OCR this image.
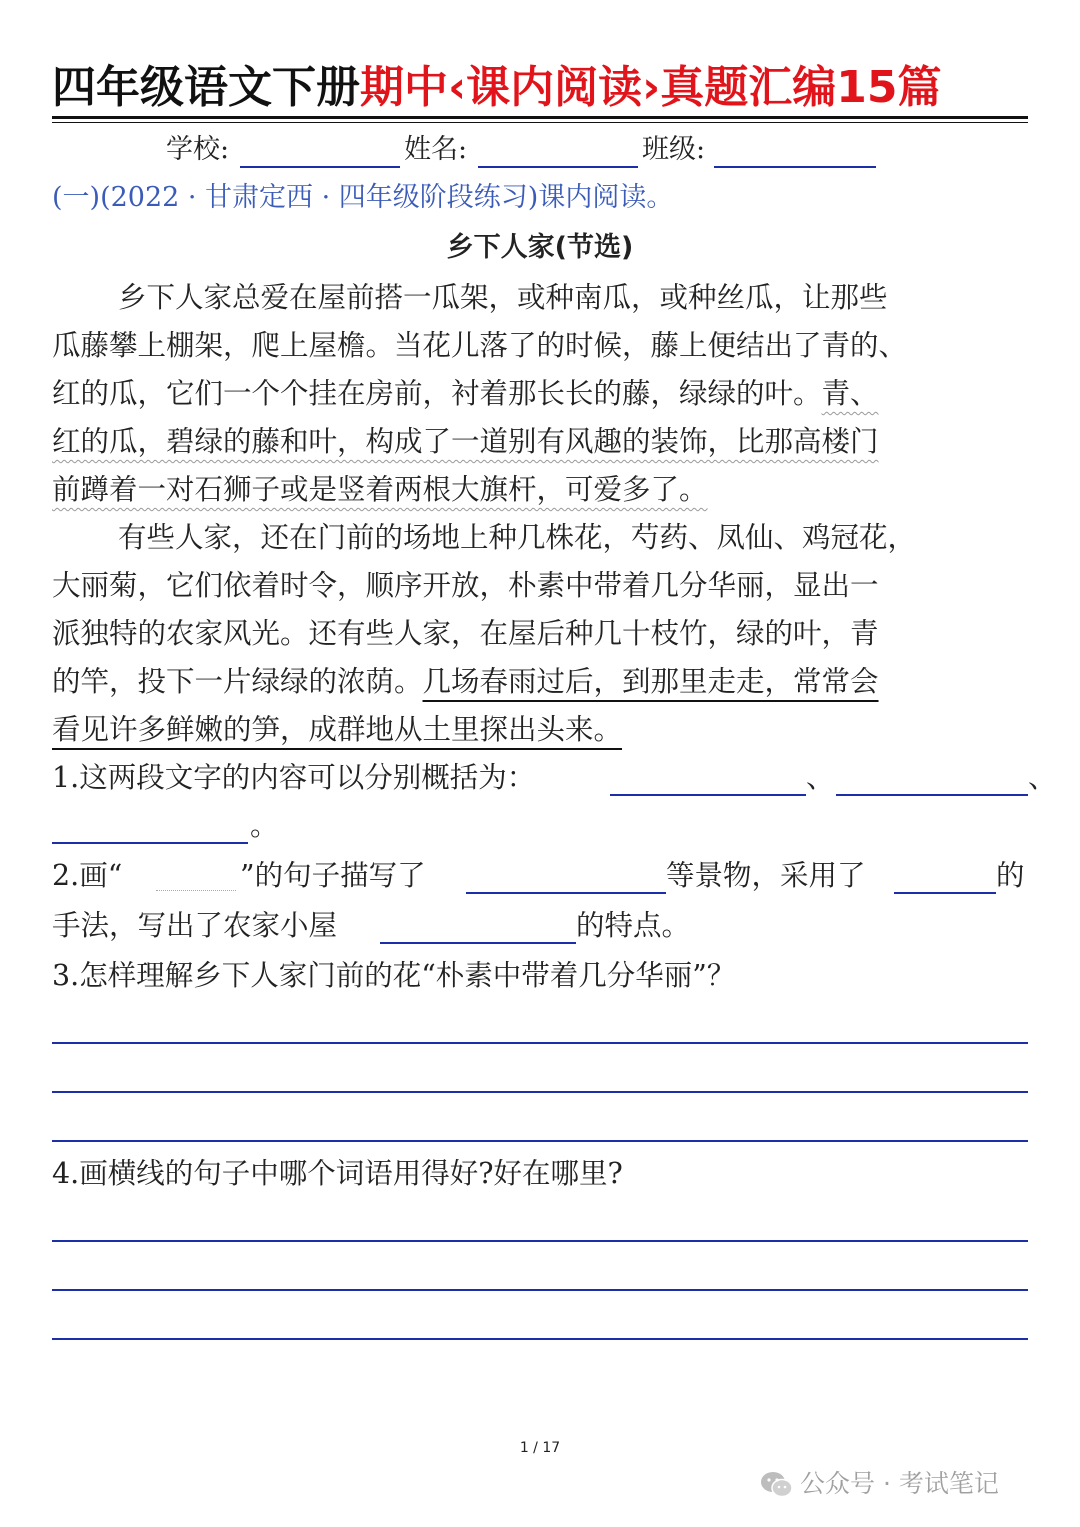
四年级语文下册期中‹课内阅读›真题汇编15篇
学校:	姓名:	班级:
(一)(2022 · 甘肃定西 · 四年级阶段练习)课内阅读。
乡下人家(节选)
乡下人家总爱在屋前搭一瓜架，或种南瓜，或种丝瓜，让那些
瓜藤攀上棚架，爬上屋檐。当花儿落了的时候，藤上便结出了青的、
红的瓜，它们一个个挂在房前，衬着那长长的藤，绿绿的叶。青、
红的瓜，碧绿的藤和叶，构成了一道别有风趣的装饰，比那高楼门
前蹲着一对石狮子或是竖着两根大旗杆，可爱多了。
有些人家，还在门前的场地上种几株花，芍药、凤仙、鸡冠花，
大丽菊，它们依着时令，顺序开放，朴素中带着几分华丽，显出一
派独特的农家风光。还有些人家，在屋后种几十枝竹，绿的叶，青
的竿，投下一片绿绿的浓荫。几场春雨过后，到那里走走，常常会
看见许多鲜嫩的笋，成群地从土里探出头来。
1.这两段文字的内容可以分别概括为：	、	、
。
2.画“	”的句子描写了	等景物，采用了	的
手法，写出了农家小屋	的特点。
3.怎样理解乡下人家门前的花“朴素中带着几分华丽”？
4.画横线的句子中哪个词语用得好?好在哪里?
1 / 17
公众号 · 考试笔记
